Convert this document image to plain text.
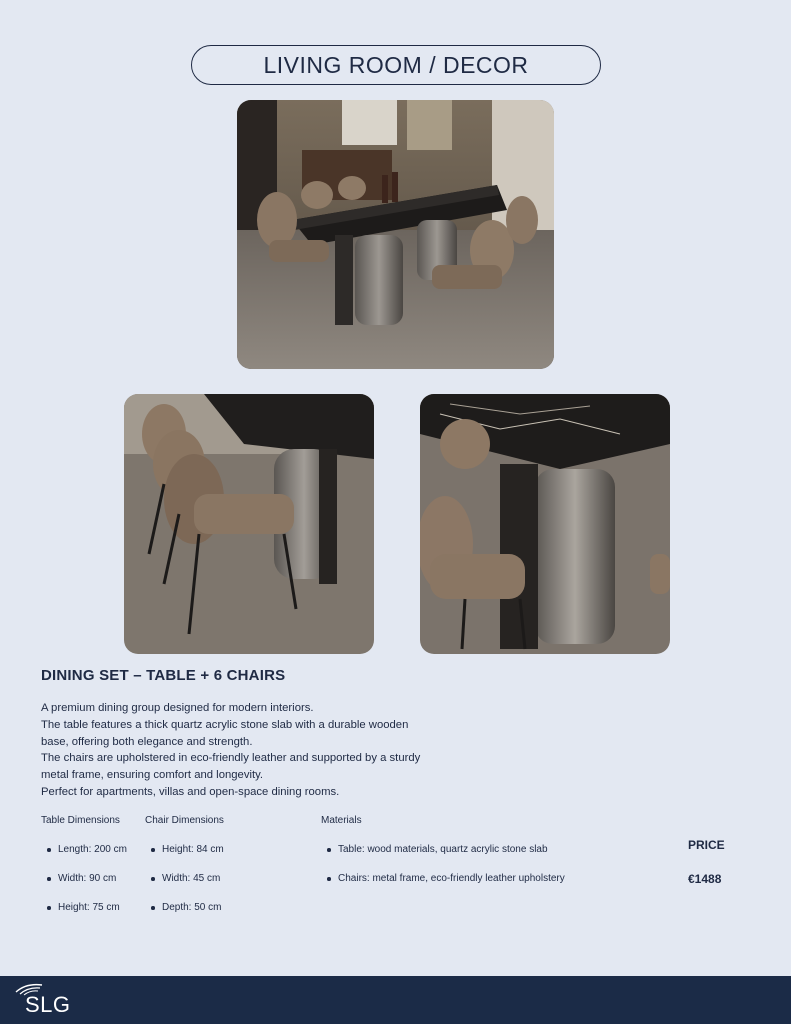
LIVING ROOM / DECOR
DINING SET – TABLE + 6 CHAIRS
A premium dining group designed for modern interiors.
The table features a thick quartz acrylic stone slab with a durable wooden
base, offering both elegance and strength.
The chairs are upholstered in eco-friendly leather and supported by a sturdy
metal frame, ensuring comfort and longevity.
Perfect for apartments, villas and open-space dining rooms.
Table Dimensions	Chair Dimensions	Materials
Length: 200 cm
Width: 90 cm
Height: 75 cm
Height: 84 cm
Width: 45 cm
Depth: 50 cm
Table: wood materials, quartz acrylic stone slab
Chairs: metal frame, eco-friendly leather upholstery
PRICE
€1488
SLG
